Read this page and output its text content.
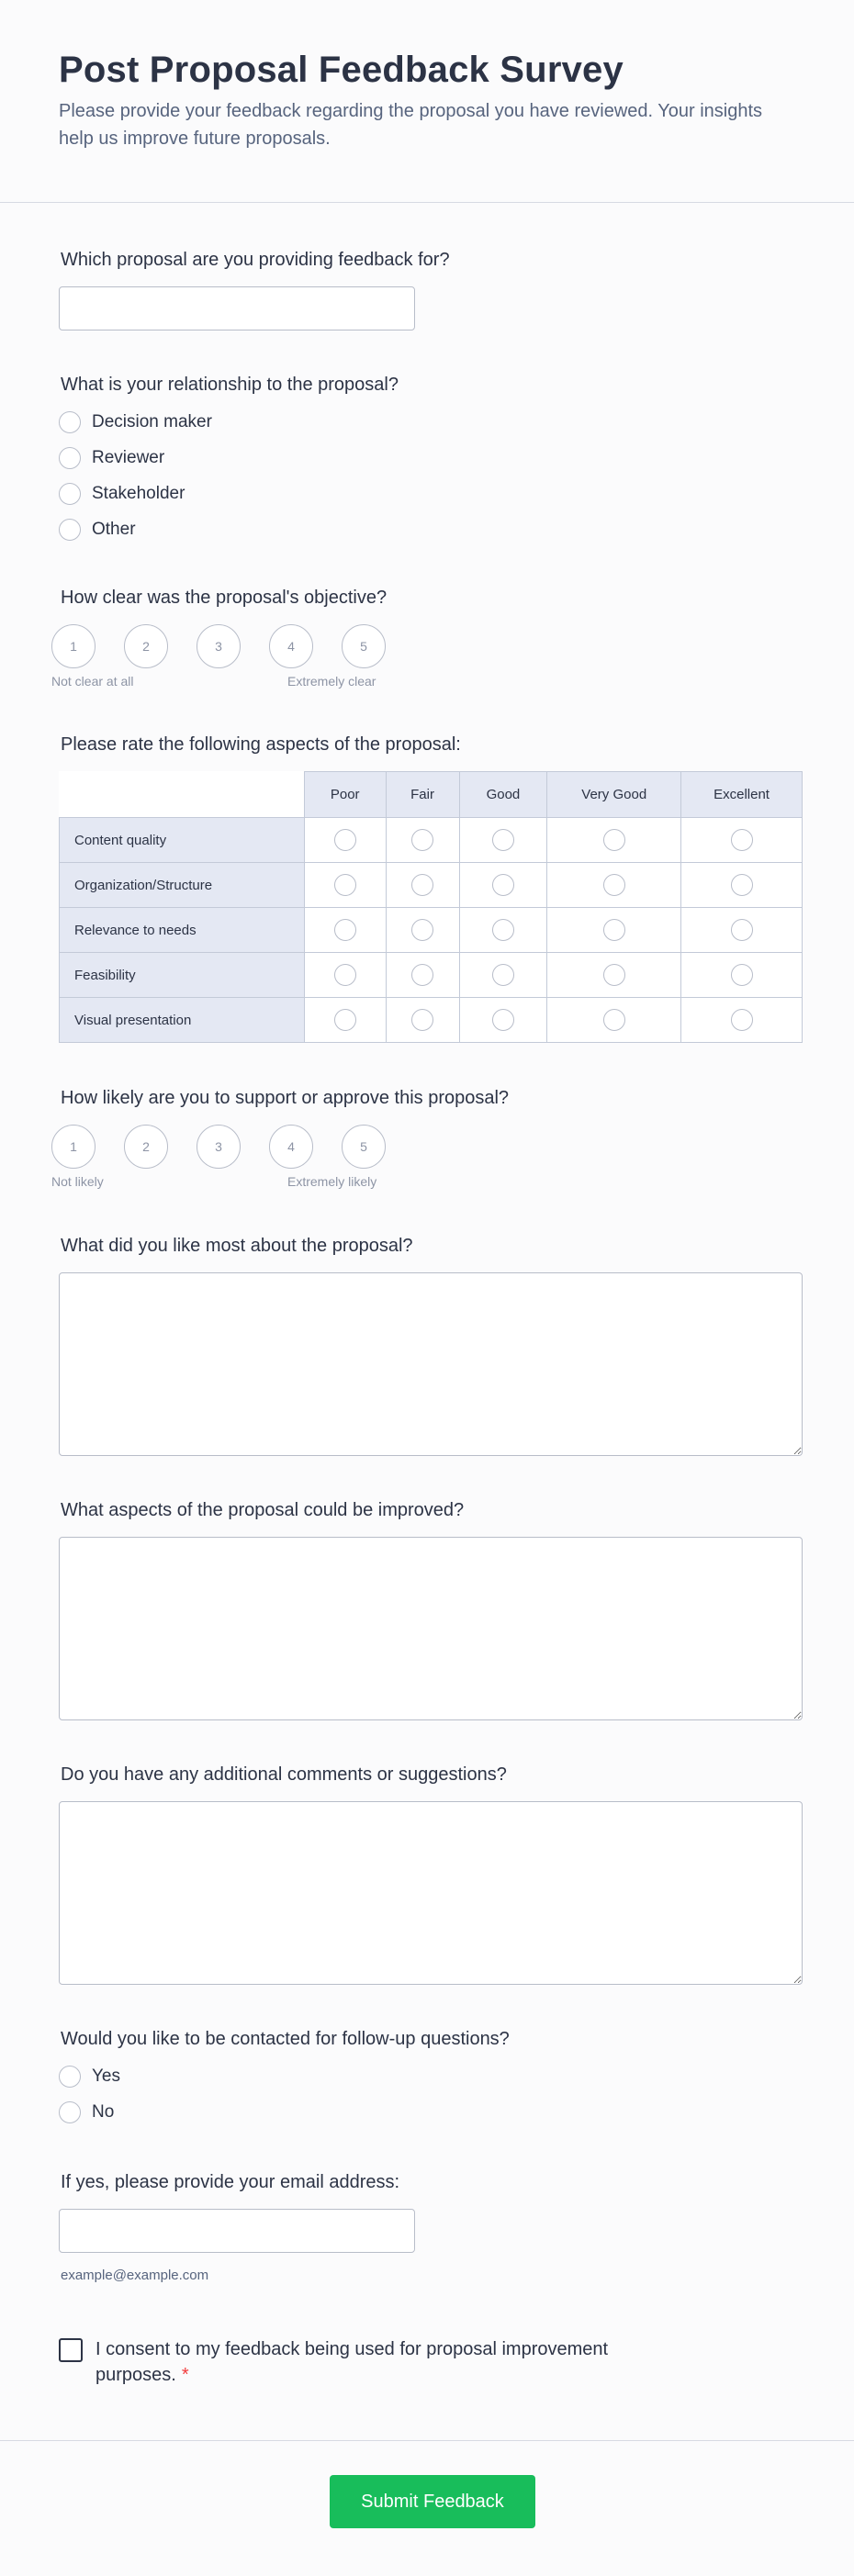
Post Proposal Feedback Survey

Please provide your feedback regarding the proposal you have reviewed. Your insights help us improve future proposals.

Which proposal are you providing feedback for?
What is your relationship to the proposal?
Decision maker
Reviewer
Stakeholder
Other
How clear was the proposal's objective?
1	2	3	4	5
Not clear at all	Extremely clear
Please rate the following aspects of the proposal:
	Poor	Fair	Good	Very Good	Excellent
Content quality					
Organization/Structure					
Relevance to needs					
Feasibility					
Visual presentation					
How likely are you to support or approve this proposal?
1	2	3	4	5
Not likely	Extremely likely
What did you like most about the proposal?
What aspects of the proposal could be improved?
Do you have any additional comments or suggestions?
Would you like to be contacted for follow-up questions?
Yes
No
If yes, please provide your email address:
example@example.com
I consent to my feedback being used for proposal improvement purposes. *
Submit Feedback
